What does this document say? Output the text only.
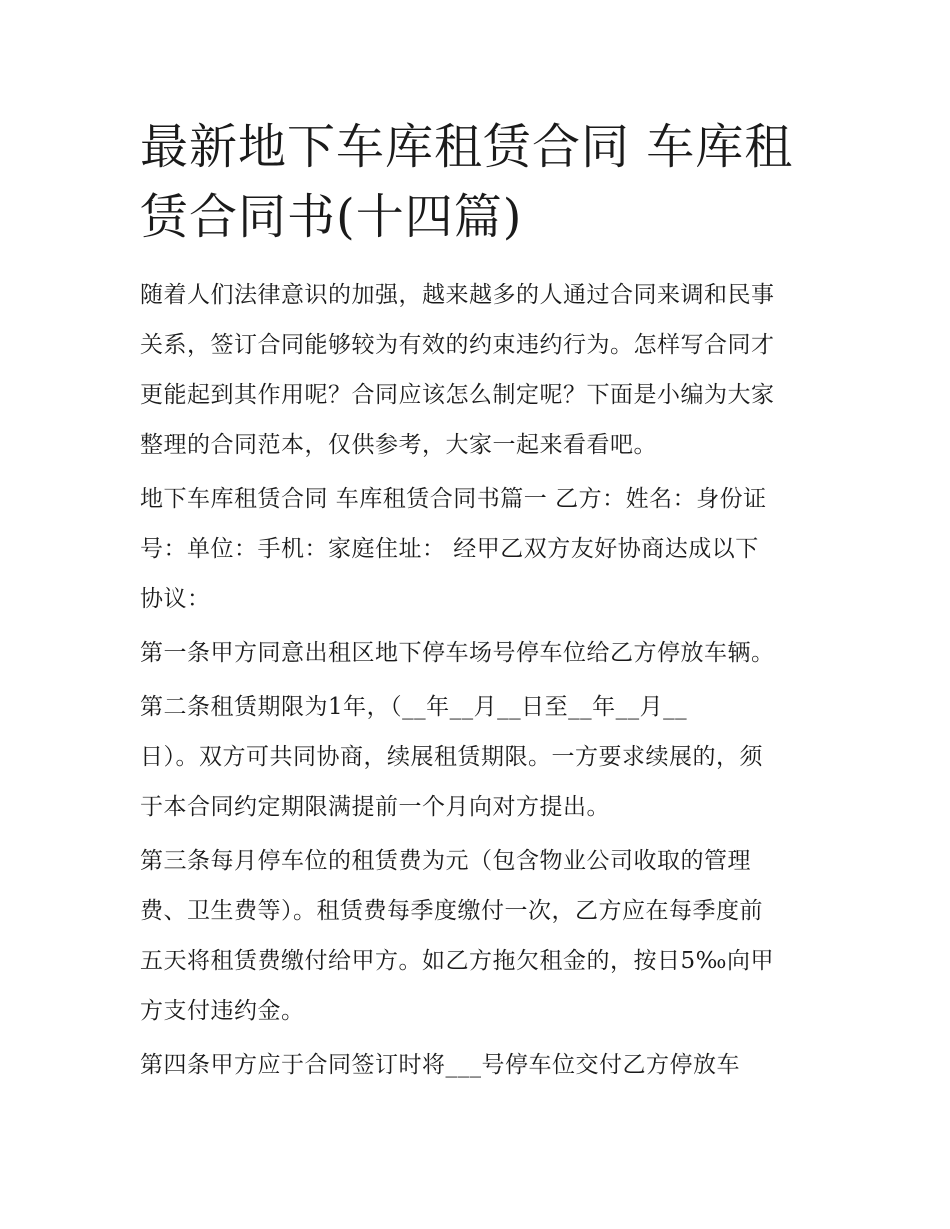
最新地下车库租赁合同 车库租
赁合同书(十四篇)

随着人们法律意识的加强，越来越多的人通过合同来调和民事
关系，签订合同能够较为有效的约束违约行为。怎样写合同才
更能起到其作用呢？合同应该怎么制定呢？下面是小编为大家
整理的合同范本，仅供参考，大家一起来看看吧。

地下车库租赁合同 车库租赁合同书篇一 乙方：姓名：身份证
号：单位：手机：家庭住址： 经甲乙双方友好协商达成以下
协议：

第一条甲方同意出租区地下停车场号停车位给乙方停放车辆。

第二条租赁期限为1年，（__年__月__日至__年__月__
日）。双方可共同协商，续展租赁期限。一方要求续展的，须
于本合同约定期限满提前一个月向对方提出。

第三条每月停车位的租赁费为元（包含物业公司收取的管理
费、卫生费等）。租赁费每季度缴付一次，乙方应在每季度前
五天将租赁费缴付给甲方。如乙方拖欠租金的，按日5‰向甲
方支付违约金。

第四条甲方应于合同签订时将___号停车位交付乙方停放车
